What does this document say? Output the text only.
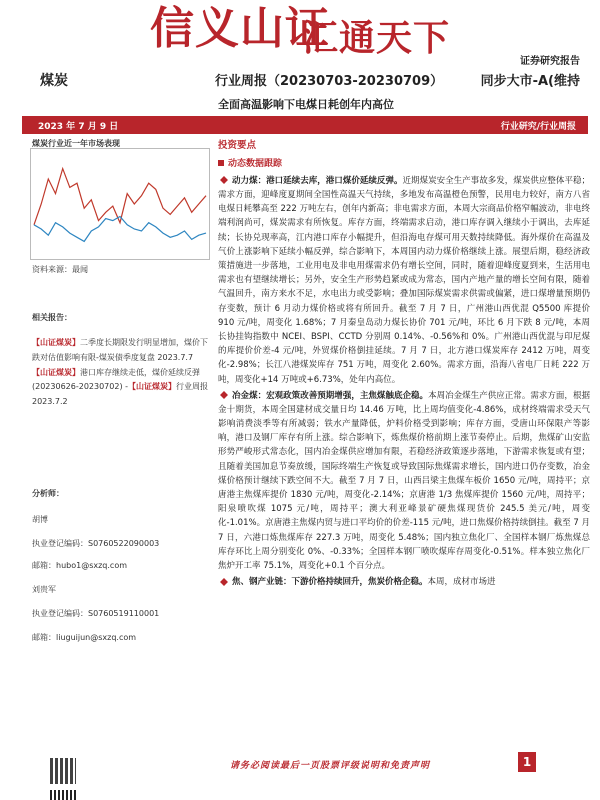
信义山证
汇通天下
证券研究报告
煤炭	行业周报（20230703-20230709）	同步大市-A(维持
全面高温影响下电煤日耗创年内高位
2023 年 7 月 9 日	行业研究/行业周报
煤炭行业近一年市场表现
资料来源：最闻
相关报告：
【山证煤炭】二季度长期限发行明显增加，煤价下跌对估值影响有限-煤炭债季度复盘 2023.7.7
【山证煤炭】港口库存继续走低，煤价延续反弹 (20230626-20230702) -【山证煤炭】行业周报 2023.7.2
分析师：
胡博
执业登记编码：S0760522090003
邮箱：hubo1@sxzq.com
刘贵军
执业登记编码：S0760519110001
邮箱：liuguijun@sxzq.com
投资要点
动态数据跟踪

动力煤：港口延续去库，港口煤价延续反弹。近期煤炭安全生产事故多发，煤炭供应整体平稳；需求方面，迎峰度夏期间全国性高温天气持续，多地发布高温橙色预警，民用电力较好，南方八省电煤日耗攀高至 222 万吨左右，创年内新高；非电需求方面，本周大宗商品价格窄幅波动，非电终端利润尚可，煤炭需求有所恢复。库存方面，终端需求启动，港口库存调入继续小于调出，去库延续；长协兑现率高，江内港口库存小幅提升，但沿海电存煤可用天数持续降低。海外煤价在高温及气价上涨影响下延续小幅反弹，综合影响下，本周国内动力煤价格继续上涨。展望后期，稳经济政策措施进一步落地，工业用电及非电用煤需求仍有增长空间，同时，随着迎峰度夏到来，生活用电需求也有望继续增长；另外，安全生产形势趋紧或成为常态，国内产地产量的增长空间有限，随着气温回升，南方来水不足，水电出力或受影响；叠加国际煤炭需求供需或偏紧，进口煤增量预期仍存变数，预计 6 月动力煤价格或将有所回升。截至 7 月 7 日，广州港山西优混 Q5500 库提价 910 元/吨，周变化 1.68%；7 月秦皇岛动力煤长协价 701 元/吨，环比 6 月下跌 8 元/吨，本周长协挂钩指数中 NCEI、BSPI、CCTD 分别周 0.14%、-0.56%和 0%。广州港山西优混与印尼煤的库提价价差-4 元/吨，外贸煤价格倒挂延续。7 月 7 日，北方港口煤炭库存 2412 万吨，周变化-2.98%；长江八港煤炭库存 751 万吨，周变化 2.60%。需求方面，沿海八省电厂日耗 222 万吨，周变化+14 万吨或+6.73%，处年内高位。

冶金煤：宏观政策改善预期增强，主焦煤触底企稳。本周冶金煤生产供应正常。需求方面，根据金十期货，本周全国建材成交量日均 14.46 万吨，比上周均值变化-4.86%，成材终端需求受天气影响消费淡季等有所减弱；铁水产量降低，炉料价格受到影响；库存方面，受唐山环保限产等影响，港口及钢厂库存有所上涨。综合影响下，炼焦煤价格前期上涨节奏停止。后期，焦煤矿山安监形势严峻形式常态化，国内冶金煤供应增加有限，若稳经济政策逐步落地，下游需求恢复或有望；且随着美国加息节奏放缓，国际终端生产恢复或导致国际焦煤需求增长，国内进口仍存变数，冶金煤价格预计继续下跌空间不大。截至 7 月 7 日，山西吕梁主焦煤车板价 1650 元/吨，周持平；京唐港主焦煤库提价 1830 元/吨，周变化-2.14%；京唐港 1/3 焦煤库提价 1560 元/吨，周持平；阳泉喷吹煤 1075 元/吨，周持平；澳大利亚峰景矿硬焦煤现货价 245.5 美元/吨，周变化-1.01%。京唐港主焦煤内贸与进口平均价的价差-115 元/吨，进口焦煤价格持续倒挂。截至 7 月 7 日，六港口炼焦煤库存 227.3 万吨，周变化 5.48%；国内独立焦化厂、全国样本钢厂炼焦煤总库存环比上周分别变化 0%、-0.33%；全国样本钢厂喷吹煤库存周变化-0.51%。样本独立焦化厂焦炉开工率 75.1%，周变化+0.1 个百分点。

焦、钢产业链：下游价格持续回升，焦炭价格企稳。本周，成材市场进

请务必阅读最后一页股票评级说明和免责声明	1
